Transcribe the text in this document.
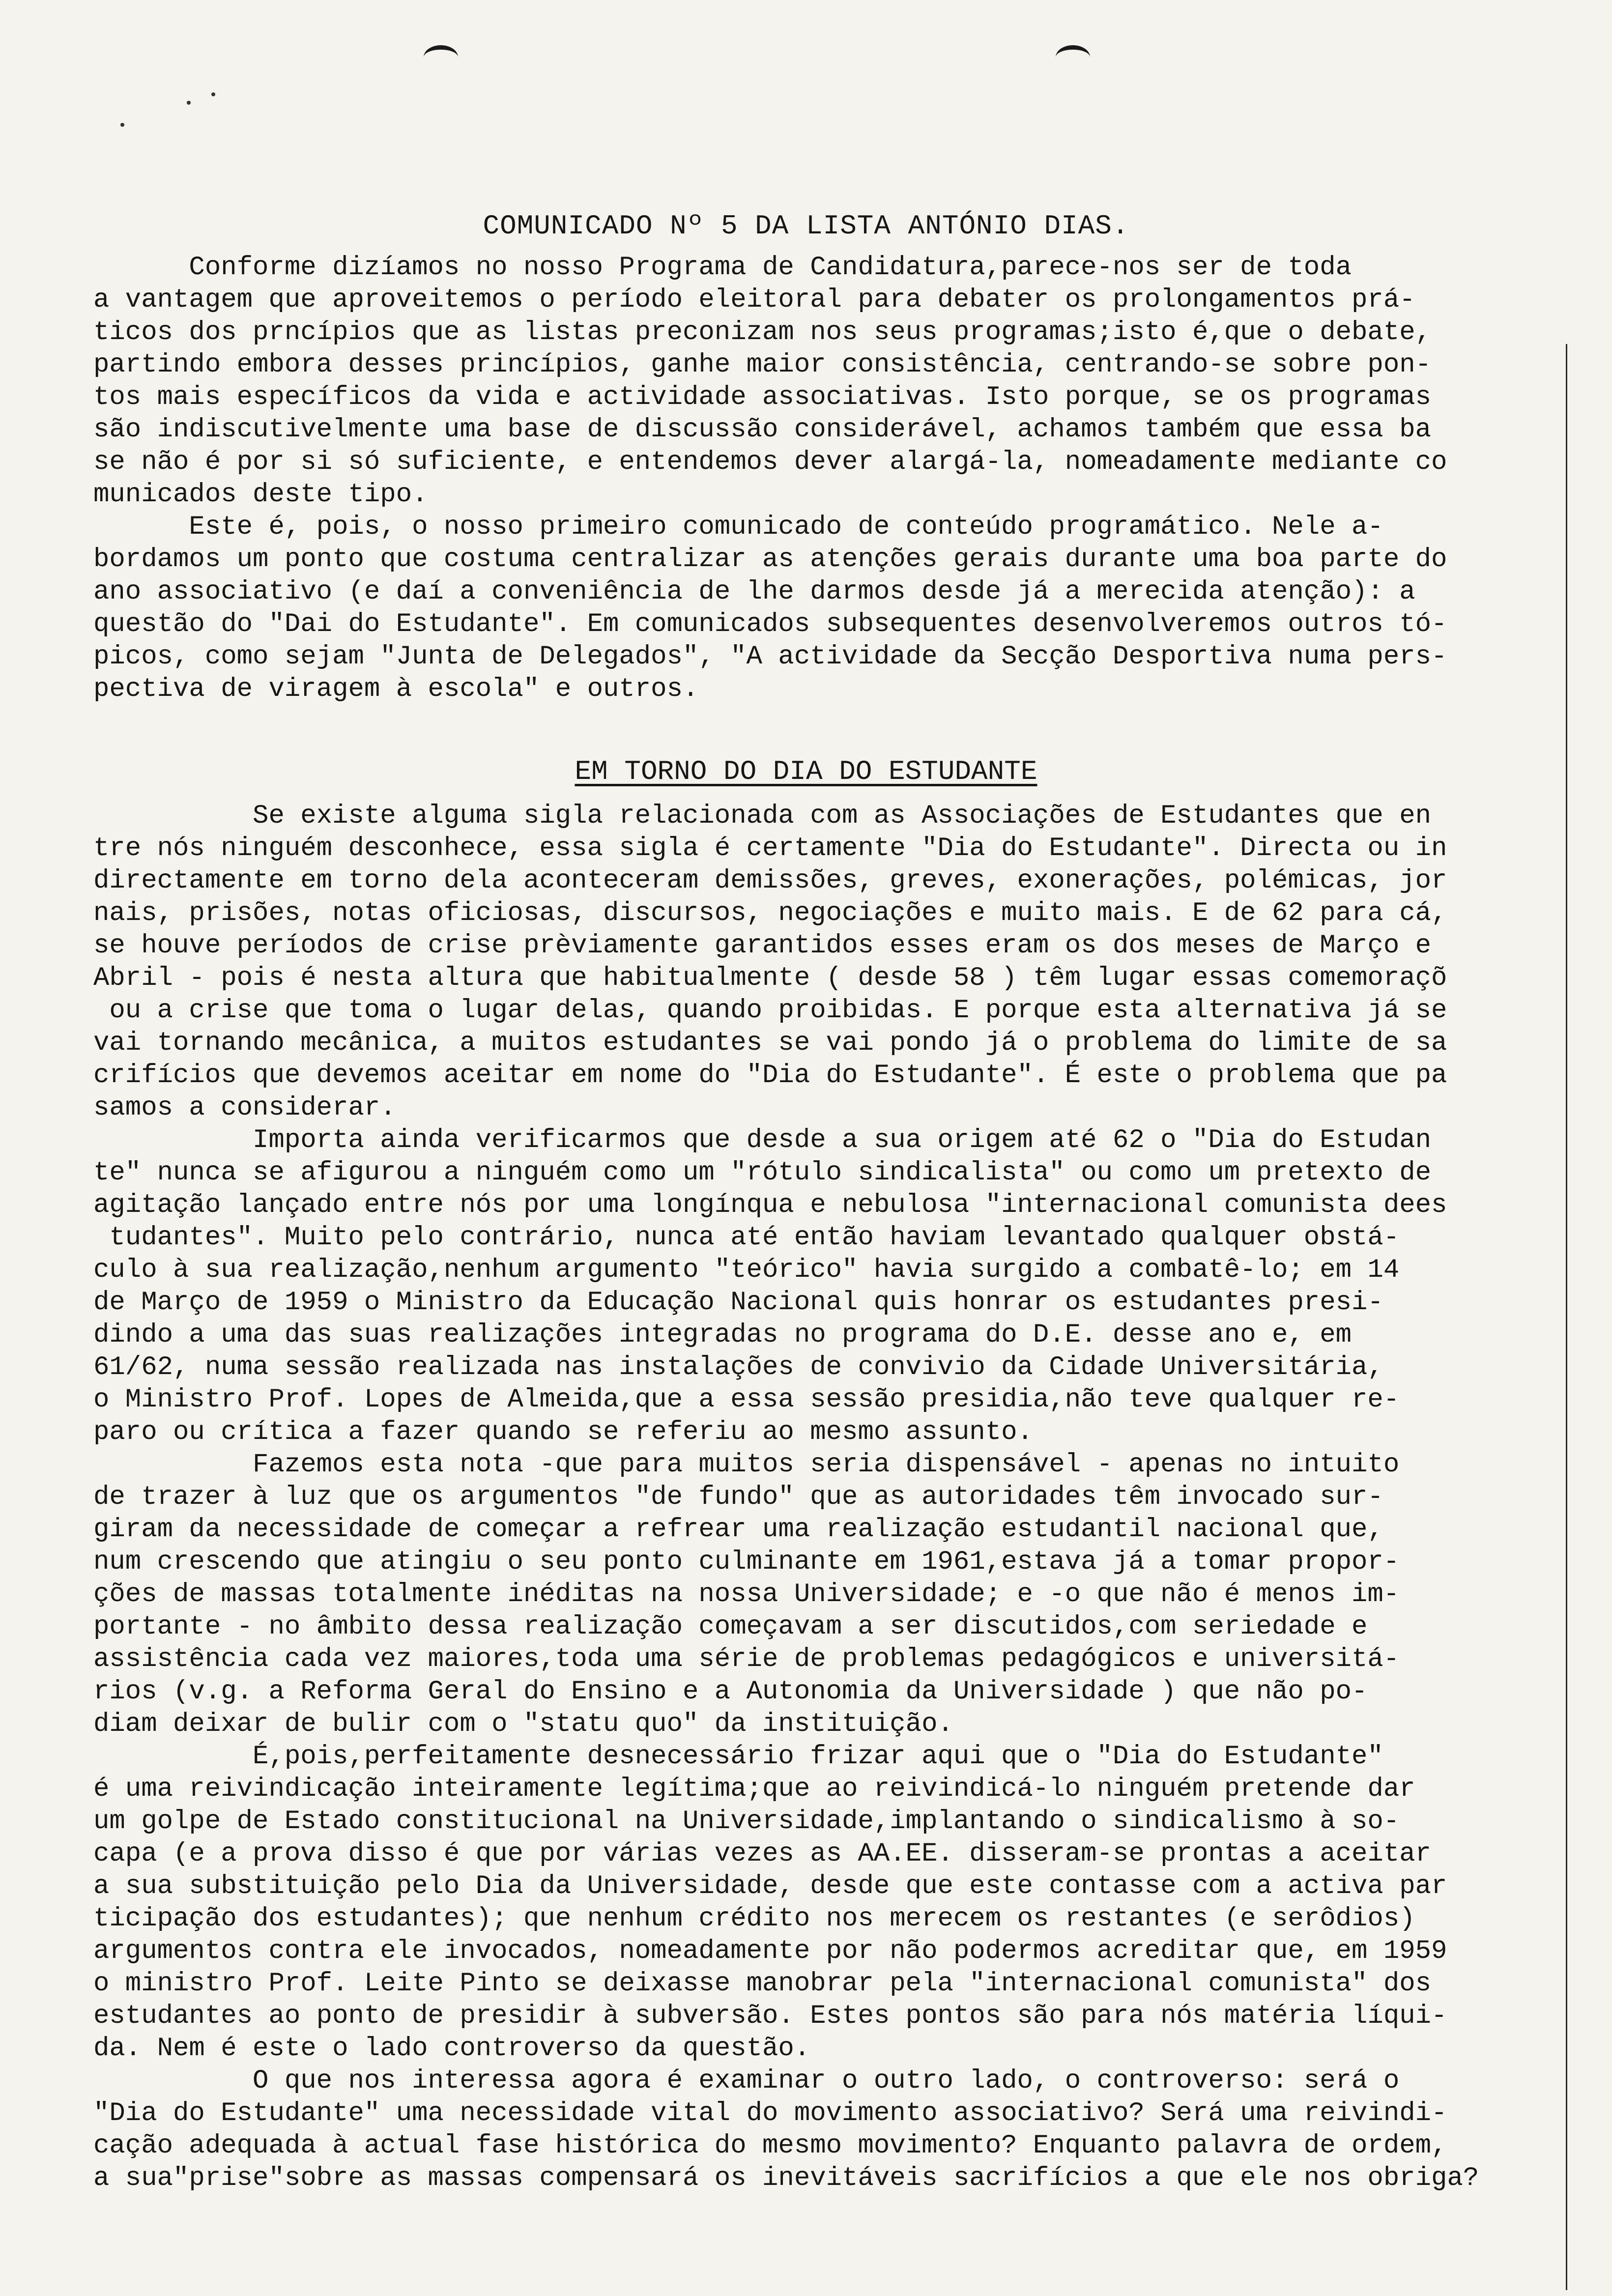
COMUNICADO Nº 5 DA LISTA ANTÓNIO DIAS.
Conforme dizíamos no nosso Programa de Candidatura,parece-nos ser de toda
a vantagem que aproveitemos o período eleitoral para debater os prolongamentos prá-
ticos dos prncípios que as listas preconizam nos seus programas;isto é,que o debate,
partindo embora desses princípios, ganhe maior consistência, centrando-se sobre pon-
tos mais específicos da vida e actividade associativas. Isto porque, se os programas
são indiscutivelmente uma base de discussão considerável, achamos também que essa ba
se não é por si só suficiente, e entendemos dever alargá-la, nomeadamente mediante co
municados deste tipo.
Este é, pois, o nosso primeiro comunicado de conteúdo programático. Nele a-
bordamos um ponto que costuma centralizar as atenções gerais durante uma boa parte do
ano associativo (e daí a conveniência de lhe darmos desde já a merecida atenção): a
questão do "Dai do Estudante". Em comunicados subsequentes desenvolveremos outros tó-
picos, como sejam "Junta de Delegados", "A actividade da Secção Desportiva numa pers-
pectiva de viragem à escola" e outros.
EM TORNO DO DIA DO ESTUDANTE
Se existe alguma sigla relacionada com as Associações de Estudantes que en
tre nós ninguém desconhece, essa sigla é certamente "Dia do Estudante". Directa ou in
directamente em torno dela aconteceram demissões, greves, exonerações, polémicas, jor
nais, prisões, notas oficiosas, discursos, negociações e muito mais. E de 62 para cá,
se houve períodos de crise prèviamente garantidos esses eram os dos meses de Março e
Abril - pois é nesta altura que habitualmente ( desde 58 ) têm lugar essas comemoraçõ
ou a crise que toma o lugar delas, quando proibidas. E porque esta alternativa já se
vai tornando mecânica, a muitos estudantes se vai pondo já o problema do limite de sa
crifícios que devemos aceitar em nome do "Dia do Estudante". É este o problema que pa
samos a considerar.
Importa ainda verificarmos que desde a sua origem até 62 o "Dia do Estudan
te" nunca se afigurou a ninguém como um "rótulo sindicalista" ou como um pretexto de
agitação lançado entre nós por uma longínqua e nebulosa "internacional comunista dees
tudantes". Muito pelo contrário, nunca até então haviam levantado qualquer obstá-
culo à sua realização,nenhum argumento "teórico" havia surgido a combatê-lo; em 14
de Março de 1959 o Ministro da Educação Nacional quis honrar os estudantes presi-
dindo a uma das suas realizações integradas no programa do D.E. desse ano e, em
61/62, numa sessão realizada nas instalações de convivio da Cidade Universitária,
o Ministro Prof. Lopes de Almeida,que a essa sessão presidia,não teve qualquer re-
paro ou crítica a fazer quando se referiu ao mesmo assunto.
Fazemos esta nota -que para muitos seria dispensável - apenas no intuito
de trazer à luz que os argumentos "de fundo" que as autoridades têm invocado sur-
giram da necessidade de começar a refrear uma realização estudantil nacional que,
num crescendo que atingiu o seu ponto culminante em 1961,estava já a tomar propor-
ções de massas totalmente inéditas na nossa Universidade; e -o que não é menos im-
portante - no âmbito dessa realização começavam a ser discutidos,com seriedade e
assistência cada vez maiores,toda uma série de problemas pedagógicos e universitá-
rios (v.g. a Reforma Geral do Ensino e a Autonomia da Universidade ) que não po-
diam deixar de bulir com o "statu quo" da instituição.
É,pois,perfeitamente desnecessário frizar aqui que o "Dia do Estudante"
é uma reivindicação inteiramente legítima;que ao reivindicá-lo ninguém pretende dar
um golpe de Estado constitucional na Universidade,implantando o sindicalismo à so-
capa (e a prova disso é que por várias vezes as AA.EE. disseram-se prontas a aceitar
a sua substituição pelo Dia da Universidade, desde que este contasse com a activa par
ticipação dos estudantes); que nenhum crédito nos merecem os restantes (e serôdios)
argumentos contra ele invocados, nomeadamente por não podermos acreditar que, em 1959
o ministro Prof. Leite Pinto se deixasse manobrar pela "internacional comunista" dos
estudantes ao ponto de presidir à subversão. Estes pontos são para nós matéria líqui-
da. Nem é este o lado controverso da questão.
O que nos interessa agora é examinar o outro lado, o controverso: será o
"Dia do Estudante" uma necessidade vital do movimento associativo? Será uma reivindi-
cação adequada à actual fase histórica do mesmo movimento? Enquanto palavra de ordem,
a sua"prise"sobre as massas compensará os inevitáveis sacrifícios a que ele nos obriga?
